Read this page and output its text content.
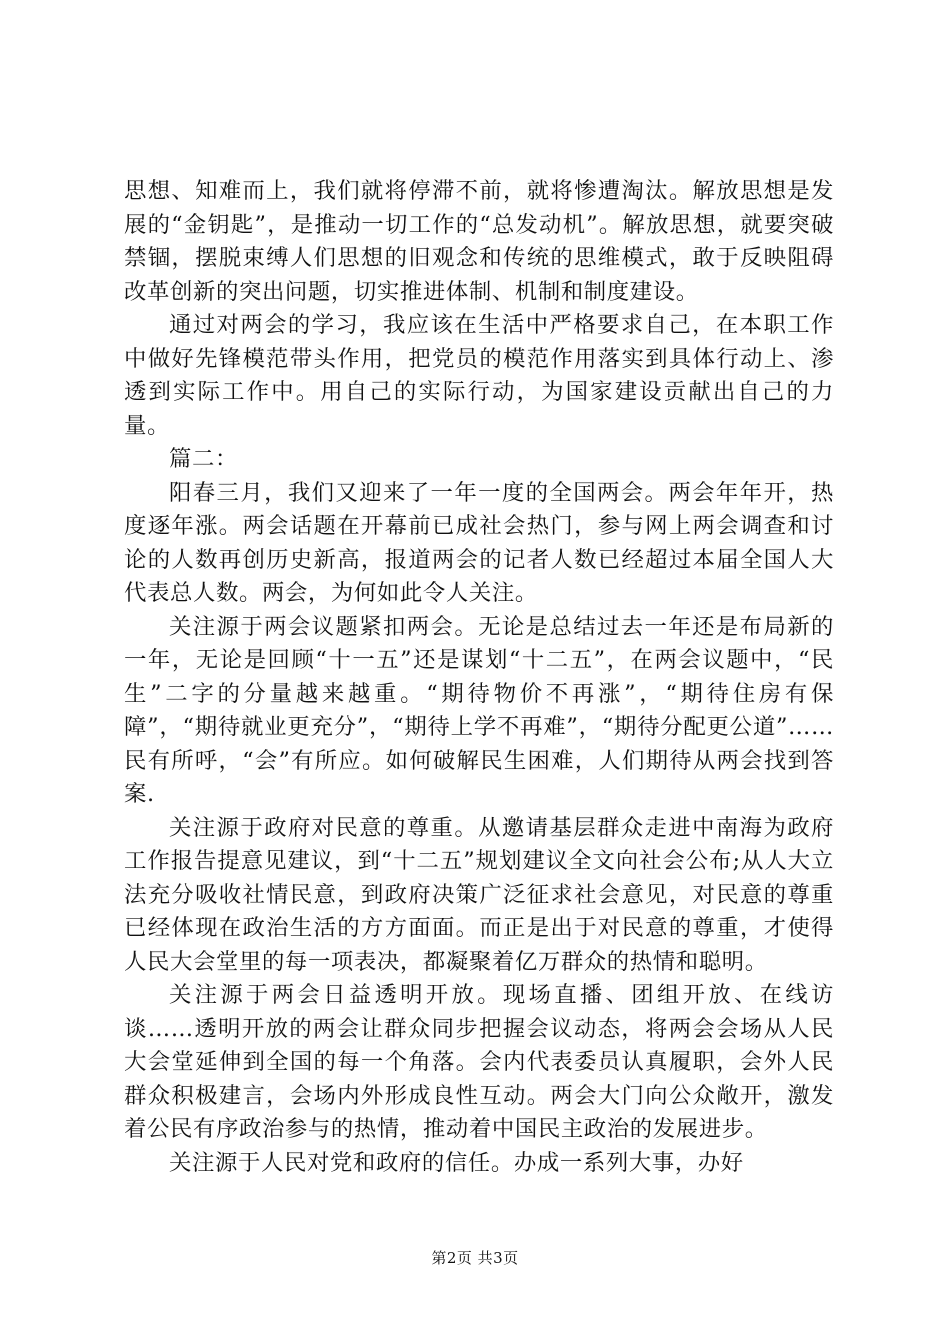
思想、知难而上，我们就将停滞不前，就将惨遭淘汰。解放思想是发展的“金钥匙”，是推动一切工作的“总发动机”。解放思想，就要突破禁锢，摆脱束缚人们思想的旧观念和传统的思维模式，敢于反映阻碍改革创新的突出问题，切实推进体制、机制和制度建设。

通过对两会的学习，我应该在生活中严格要求自己，在本职工作中做好先锋模范带头作用，把党员的模范作用落实到具体行动上、渗透到实际工作中。用自己的实际行动，为国家建设贡献出自己的力量。

篇二：

阳春三月，我们又迎来了一年一度的全国两会。两会年年开，热度逐年涨。两会话题在开幕前已成社会热门，参与网上两会调查和讨论的人数再创历史新高，报道两会的记者人数已经超过本届全国人大代表总人数。两会，为何如此令人关注。

关注源于两会议题紧扣两会。无论是总结过去一年还是布局新的一年，无论是回顾“十一五”还是谋划“十二五”，在两会议题中，“民生”二字的分量越来越重。“期待物价不再涨”，“期待住房有保障”，“期待就业更充分”，“期待上学不再难”，“期待分配更公道”……民有所呼，“会”有所应。如何破解民生困难，人们期待从两会找到答案.

关注源于政府对民意的尊重。从邀请基层群众走进中南海为政府工作报告提意见建议，到“十二五”规划建议全文向社会公布;从人大立法充分吸收社情民意，到政府决策广泛征求社会意见，对民意的尊重已经体现在政治生活的方方面面。而正是出于对民意的尊重，才使得人民大会堂里的每一项表决，都凝聚着亿万群众的热情和聪明。

关注源于两会日益透明开放。现场直播、团组开放、在线访谈……透明开放的两会让群众同步把握会议动态，将两会会场从人民大会堂延伸到全国的每一个角落。会内代表委员认真履职，会外人民群众积极建言，会场内外形成良性互动。两会大门向公众敞开，激发着公民有序政治参与的热情，推动着中国民主政治的发展进步。

关注源于人民对党和政府的信任。办成一系列大事，办好

第2页 共3页
